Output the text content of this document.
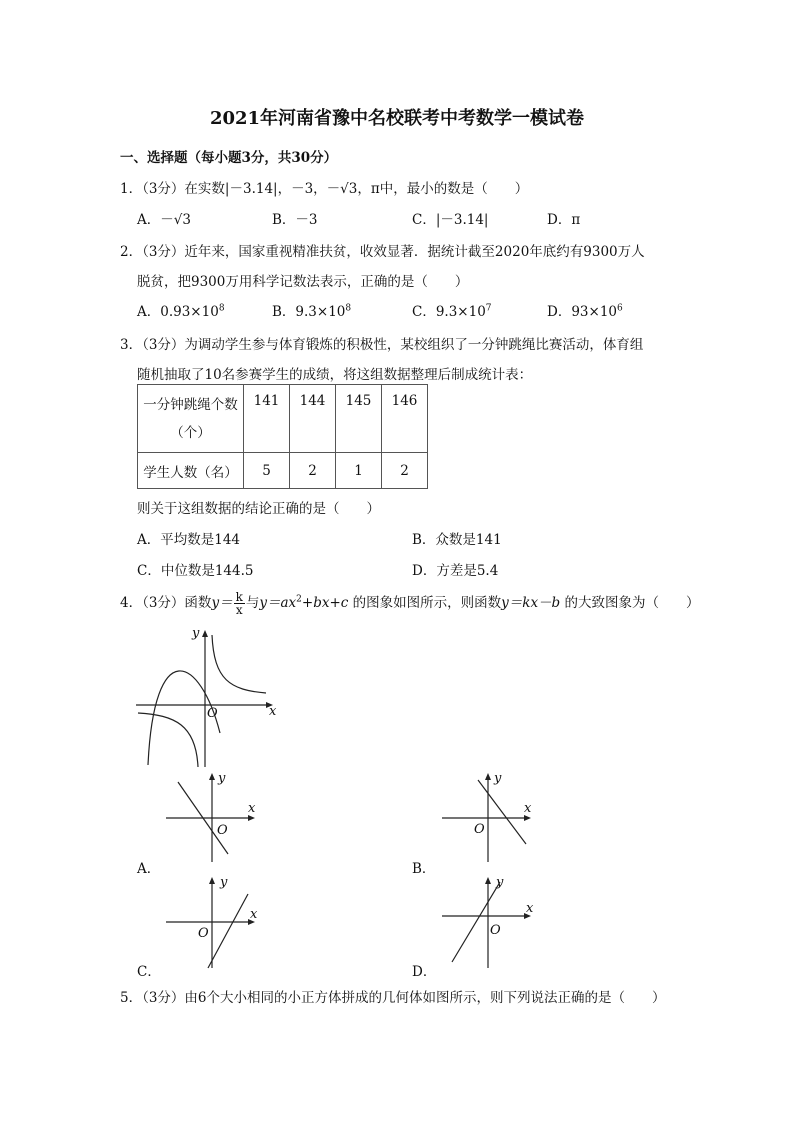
2021年河南省豫中名校联考中考数学一模试卷
一、选择题（每小题3分，共30分）
1．（3分）在实数|－3.14|，－3，－√3，π中，最小的数是（　　）
A．－√3	B．－3	C．|－3.14|	D．π
2．（3分）近年来，国家重视精准扶贫，收效显著．据统计截至2020年底约有9300万人
脱贫，把9300万用科学记数法表示，正确的是（　　）
A．$0.93\times 10^8$	B．$9.3\times 10^8$	C．$9.3\times 10^7$	D．$93\times 10^6$
3．（3分）为调动学生参与体育锻炼的积极性，某校组织了一分钟跳绳比赛活动，体育组
随机抽取了10名参赛学生的成绩，将这组数据整理后制成统计表：
一分钟跳绳个数
（个）	141	144	145	146
学生人数（名）	5	2	1	2
则关于这组数据的结论正确的是（　　）
A．平均数是144	B．众数是141
C．中位数是144.5	D．方差是5.4
4．（3分）函数$y= \frac{k}{x}$ 与$y=ax^2+bx+c$ 的图象如图所示，则函数y＝kx－b 的大致图象为（　　）
x
y
O
x
y
O
A．
x
y
O
B．
x
y
O
C．
x
y
O
D．
5．（3分）由6个大小相同的小正方体拼成的几何体如图所示，则下列说法正确的是（　　）
